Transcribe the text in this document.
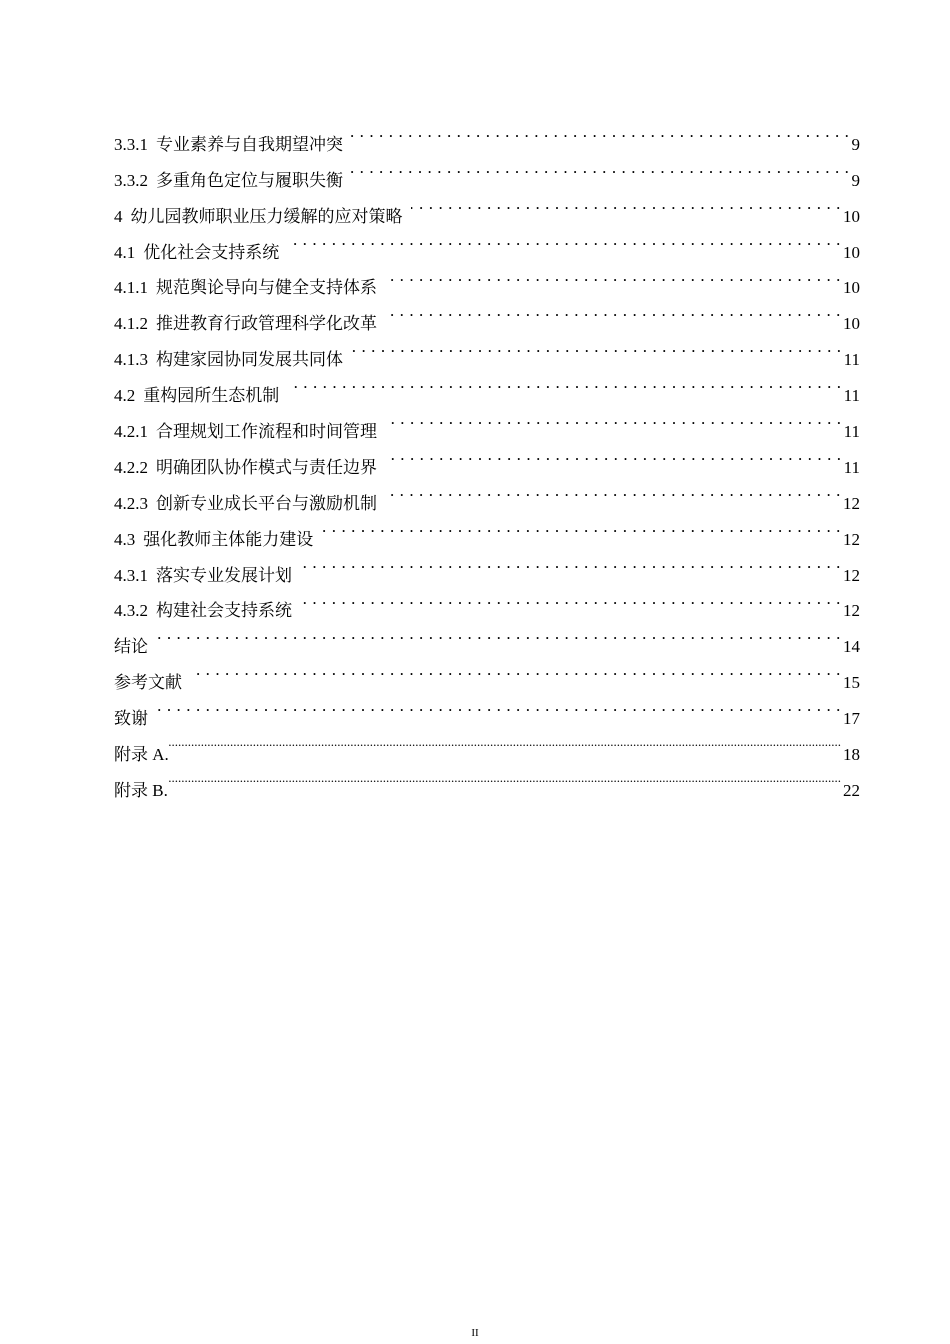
3.3.1 专业素养与自我期望冲突 . . .	9
3.3.2 多重角色定位与履职失衡 . . .	9
4 幼儿园教师职业压力缓解的应对策略 . . .	10
4.1 优化社会支持系统 . . .	10
4.1.1 规范舆论导向与健全支持体系 . . .	10
4.1.2 推进教育行政管理科学化改革 . . .	10
4.1.3 构建家园协同发展共同体 . . .	11
4.2 重构园所生态机制 . . .	11
4.2.1 合理规划工作流程和时间管理 . . .	11
4.2.2 明确团队协作模式与责任边界 . . .	11
4.2.3 创新专业成长平台与激励机制 . . .	12
4.3 强化教师主体能力建设 . . .	12
4.3.1 落实专业发展计划 . . .	12
4.3.2 构建社会支持系统 . . .	12
结论 . . .	14
参考文献 . . .	15
致谢 . . .	17
附录 A. .....	18
附录 B. .....	22
II
